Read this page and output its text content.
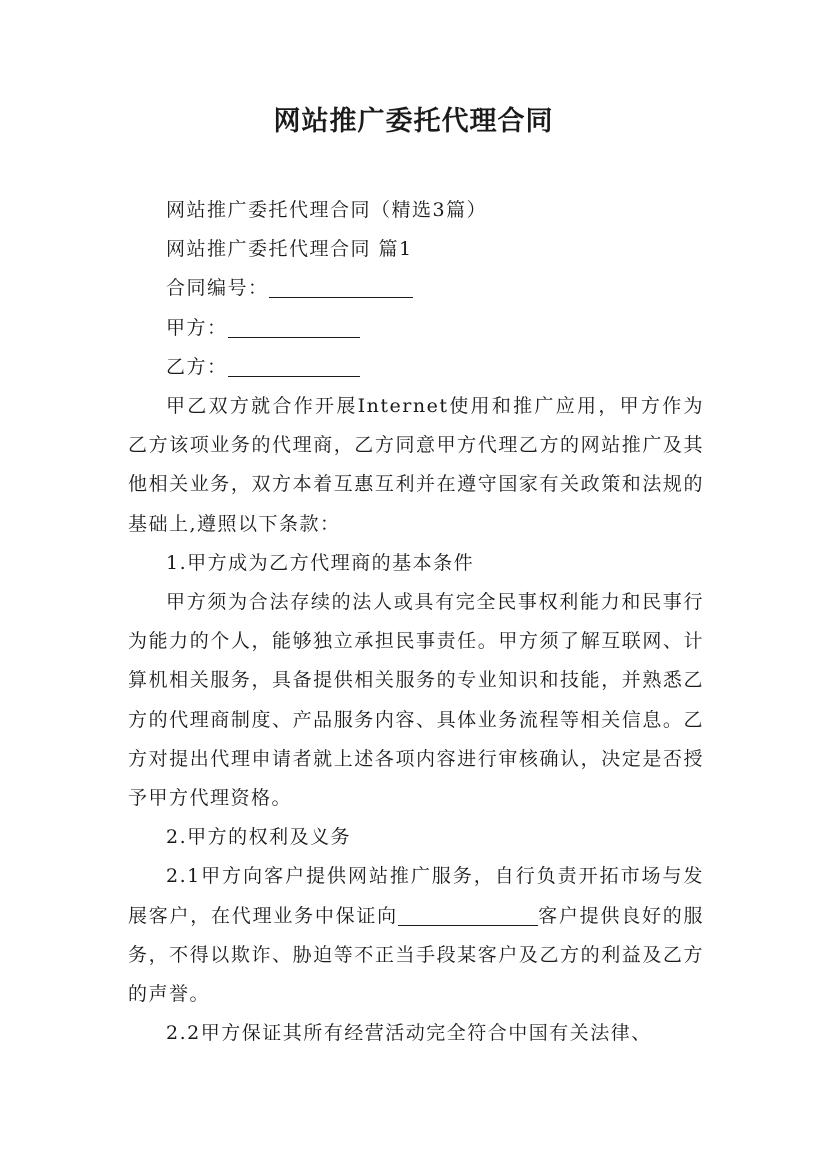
网站推广委托代理合同

网站推广委托代理合同（精选3篇）

网站推广委托代理合同 篇1

合同编号：

甲方：

乙方：

甲乙双方就合作开展Internet使用和推广应用，甲方作为乙方该项业务的代理商，乙方同意甲方代理乙方的网站推广及其他相关业务，双方本着互惠互利并在遵守国家有关政策和法规的基础上,遵照以下条款：

1.甲方成为乙方代理商的基本条件

甲方须为合法存续的法人或具有完全民事权利能力和民事行为能力的个人，能够独立承担民事责任。甲方须了解互联网、计算机相关服务，具备提供相关服务的专业知识和技能，并熟悉乙方的代理商制度、产品服务内容、具体业务流程等相关信息。乙方对提出代理申请者就上述各项内容进行审核确认，决定是否授予甲方代理资格。

2.甲方的权利及义务

2.1甲方向客户提供网站推广服务，自行负责开拓市场与发展客户，在代理业务中保证向	客户提供良好的服务，不得以欺诈、胁迫等不正当手段某客户及乙方的利益及乙方的声誉。

2.2甲方保证其所有经营活动完全符合中国有关法律、
